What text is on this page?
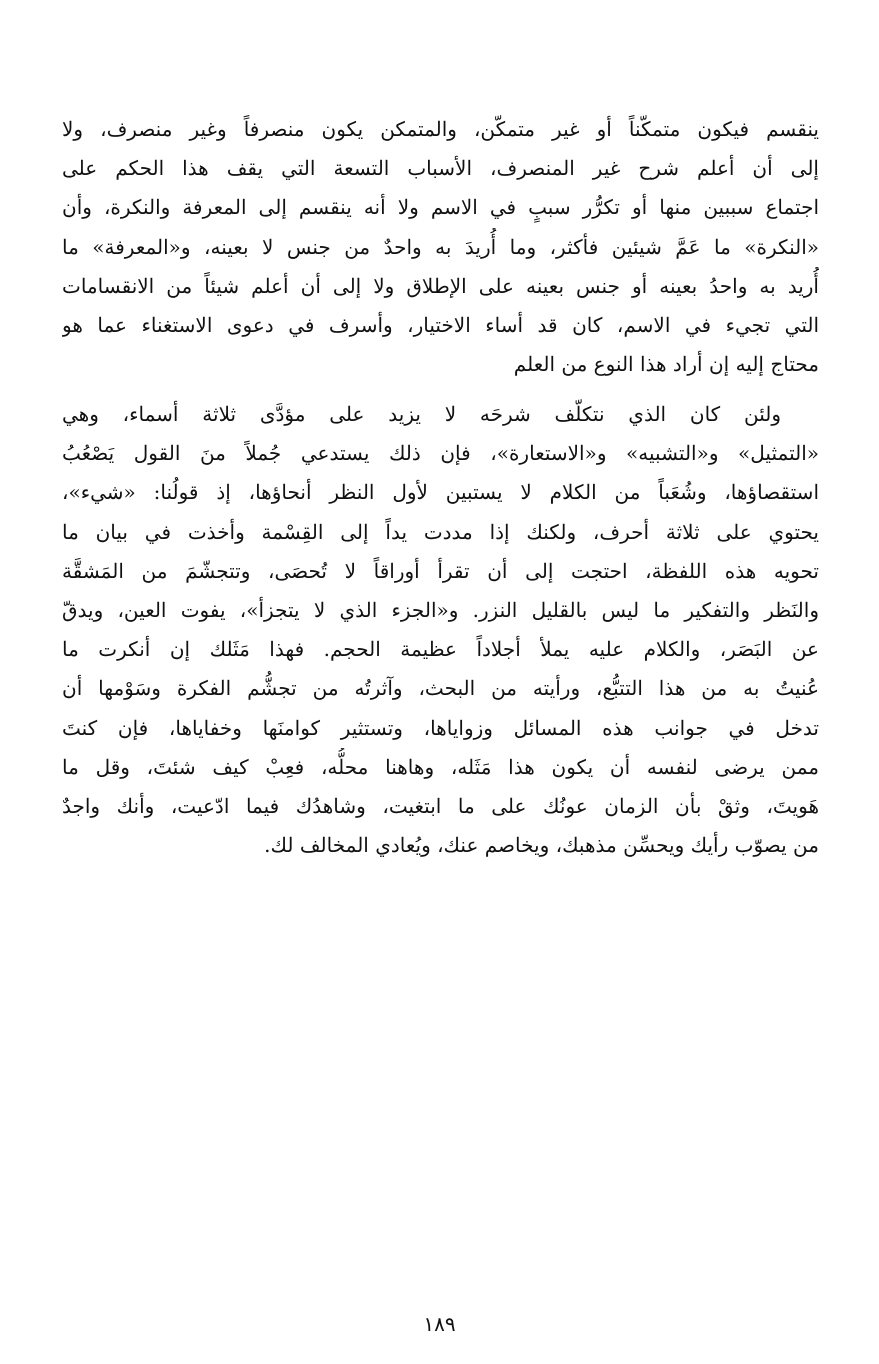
ينقسم فيكون متمكّناً أو غير متمكّن، والمتمكن يكون منصرفاً وغير منصرف، ولا
إلى أن أعلم شرح غير المنصرف، الأسباب التسعة التي يقف هذا الحكم على
اجتماع سببين منها أو تكرُّر سببٍ في الاسم ولا أنه ينقسم إلى المعرفة والنكرة، وأن
«النكرة» ما عَمَّ شيئين فأكثر، وما أُريدَ به واحدٌ من جنس لا بعينه، و«المعرفة» ما
أُريد به واحدُ بعينه أو جنس بعينه على الإطلاق ولا إلى أن أعلم شيئاً من الانقسامات
التي تجيء في الاسم، كان قد أساء الاختيار، وأسرف في دعوى الاستغناء عما هو
محتاج إليه إن أراد هذا النوع من العلم
ولئن كان الذي نتكلّف شرحَه لا يزيد على مؤدَّى ثلاثة أسماء، وهي
«التمثيل» و«التشبيه» و«الاستعارة»، فإن ذلك يستدعي جُملاً منَ القول يَصْعُبُ
استقصاؤها، وشُعَباً من الكلام لا يستبين لأول النظر أنحاؤها، إذ قولُنا: «شيء»،
يحتوي على ثلاثة أحرف، ولكنك إذا مددت يداً إلى القِسْمة وأخذت في بيان ما
تحويه هذه اللفظة، احتجت إلى أن تقرأ أوراقاً لا تُحصَى، وتتجشّمَ من المَشقَّة
والنَظر والتفكير ما ليس بالقليل النزر. و«الجزء الذي لا يتجزأ»، يفوت العين، ويدقّ
عن البَصَر، والكلام عليه يملأ أجلاداً عظيمة الحجم. فهذا مَثَلك إن أنكرت ما
عُنيتُ به من هذا التتبُّع، ورأيته من البحث، وآثرتُه من تجشُّم الفكرة وسَوْمها أن
تدخل في جوانب هذه المسائل وزواياها، وتستثير كوامنَها وخفاياها، فإن كنتَ
ممن يرضى لنفسه أن يكون هذا مَثَله، وهاهنا محلُّه، فعِبْ كيف شئتَ، وقل ما
هَويتَ، وثقْ بأن الزمان عونُك على ما ابتغيت، وشاهدُك فيما ادّعيت، وأنك واجدٌ
من يصوّب رأيك ويحسِّن مذهبك، ويخاصم عنك، ويُعادي المخالف لك.
١٨٩
